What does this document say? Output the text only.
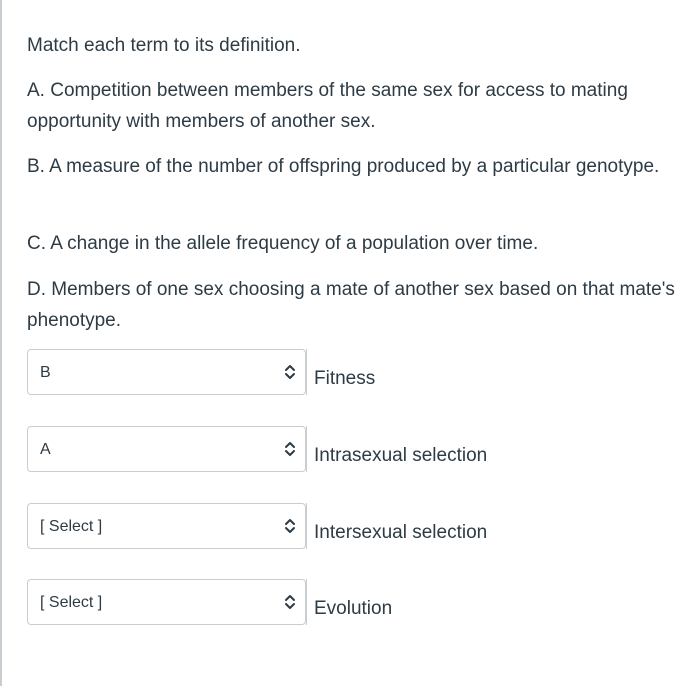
Match each term to its definition.

A. Competition between members of the same sex for access to mating opportunity with members of another sex.

B. A measure of the number of offspring produced by a particular genotype.

C. A change in the allele frequency of a population over time.

D. Members of one sex choosing a mate of another sex based on that mate's phenotype.

B	Fitness
A	Intrasexual selection
[ Select ]	Intersexual selection
[ Select ]	Evolution
